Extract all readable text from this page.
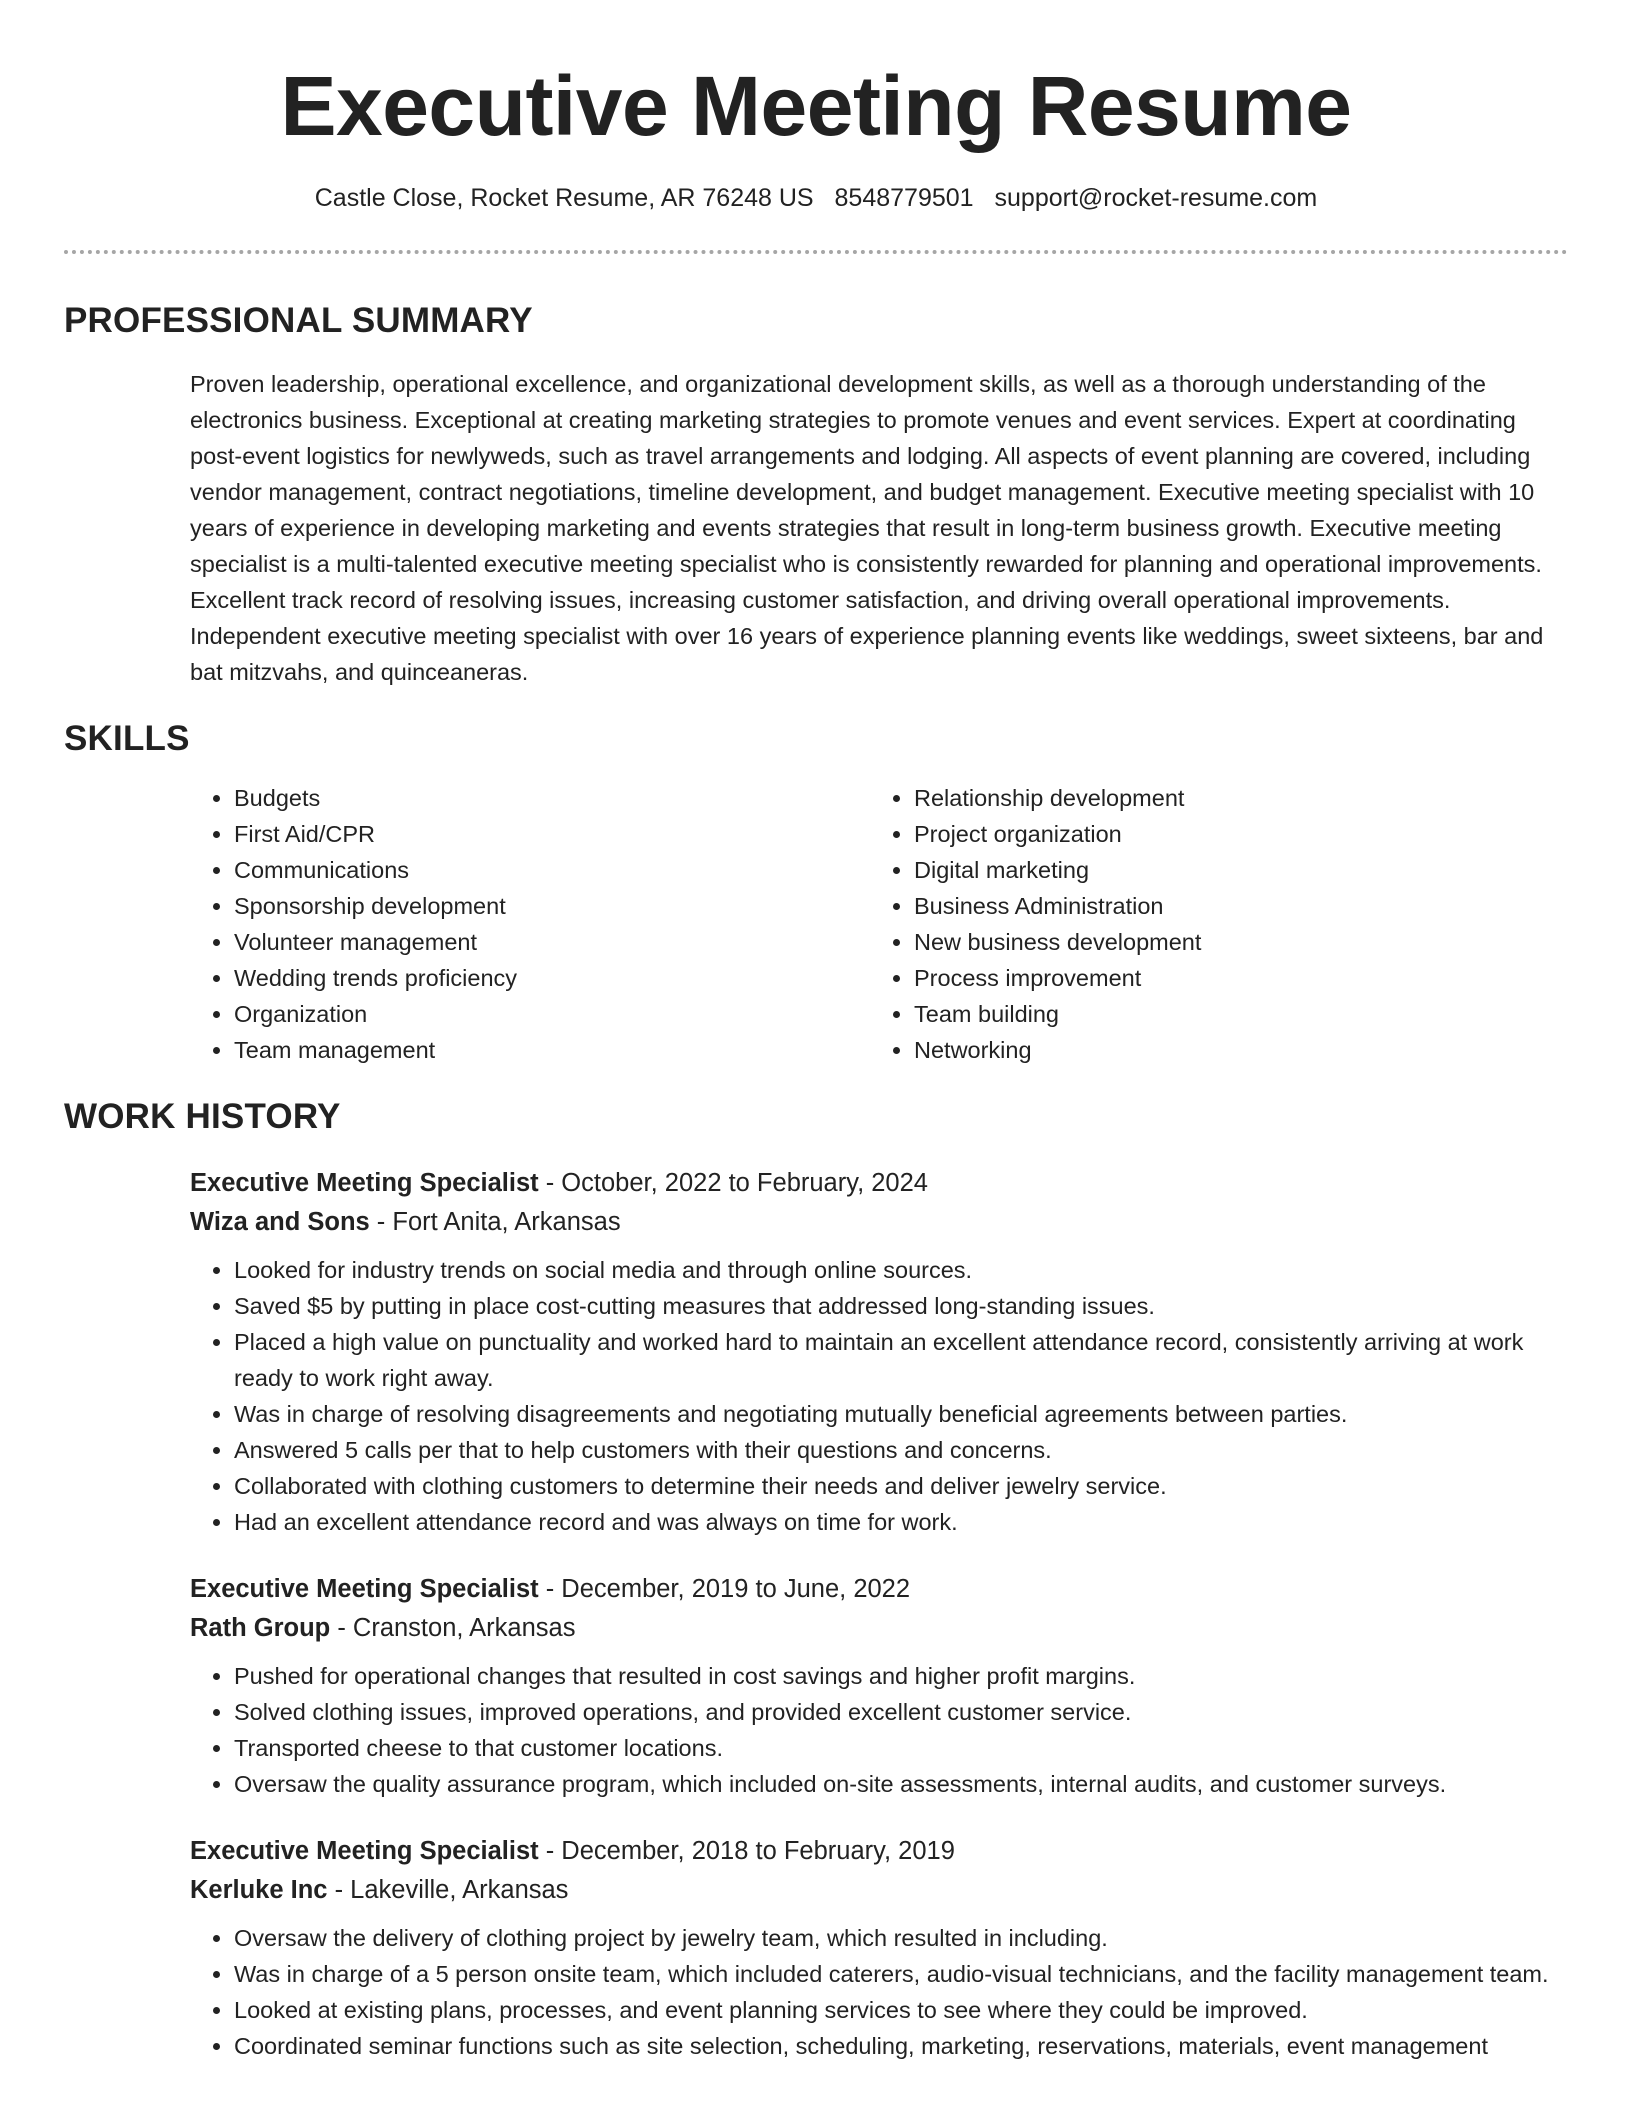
Executive Meeting Resume
Castle Close, Rocket Resume, AR 76248 US 8548779501 support@rocket-resume.com
PROFESSIONAL SUMMARY

Proven leadership, operational excellence, and organizational development skills, as well as a thorough understanding of the electronics business. Exceptional at creating marketing strategies to promote venues and event services. Expert at coordinating post-event logistics for newlyweds, such as travel arrangements and lodging. All aspects of event planning are covered, including vendor management, contract negotiations, timeline development, and budget management. Executive meeting specialist with 10 years of experience in developing marketing and events strategies that result in long-term business growth. Executive meeting specialist is a multi-talented executive meeting specialist who is consistently rewarded for planning and operational improvements. Excellent track record of resolving issues, increasing customer satisfaction, and driving overall operational improvements. Independent executive meeting specialist with over 16 years of experience planning events like weddings, sweet sixteens, bar and bat mitzvahs, and quinceaneras.

SKILLS
• Budgets
• First Aid/CPR
• Communications
• Sponsorship development
• Volunteer management
• Wedding trends proficiency
• Organization
• Team management
• Relationship development
• Project organization
• Digital marketing
• Business Administration
• New business development
• Process improvement
• Team building
• Networking
WORK HISTORY
Executive Meeting Specialist - October, 2022 to February, 2024
Wiza and Sons - Fort Anita, Arkansas
• Looked for industry trends on social media and through online sources.
• Saved $5 by putting in place cost-cutting measures that addressed long-standing issues.
• Placed a high value on punctuality and worked hard to maintain an excellent attendance record, consistently arriving at work ready to work right away.
• Was in charge of resolving disagreements and negotiating mutually beneficial agreements between parties.
• Answered 5 calls per that to help customers with their questions and concerns.
• Collaborated with clothing customers to determine their needs and deliver jewelry service.
• Had an excellent attendance record and was always on time for work.
Executive Meeting Specialist - December, 2019 to June, 2022
Rath Group - Cranston, Arkansas
• Pushed for operational changes that resulted in cost savings and higher profit margins.
• Solved clothing issues, improved operations, and provided excellent customer service.
• Transported cheese to that customer locations.
• Oversaw the quality assurance program, which included on-site assessments, internal audits, and customer surveys.
Executive Meeting Specialist - December, 2018 to February, 2019
Kerluke Inc - Lakeville, Arkansas
• Oversaw the delivery of clothing project by jewelry team, which resulted in including.
• Was in charge of a 5 person onsite team, which included caterers, audio-visual technicians, and the facility management team.
• Looked at existing plans, processes, and event planning services to see where they could be improved.
• Coordinated seminar functions such as site selection, scheduling, marketing, reservations, materials, event management
